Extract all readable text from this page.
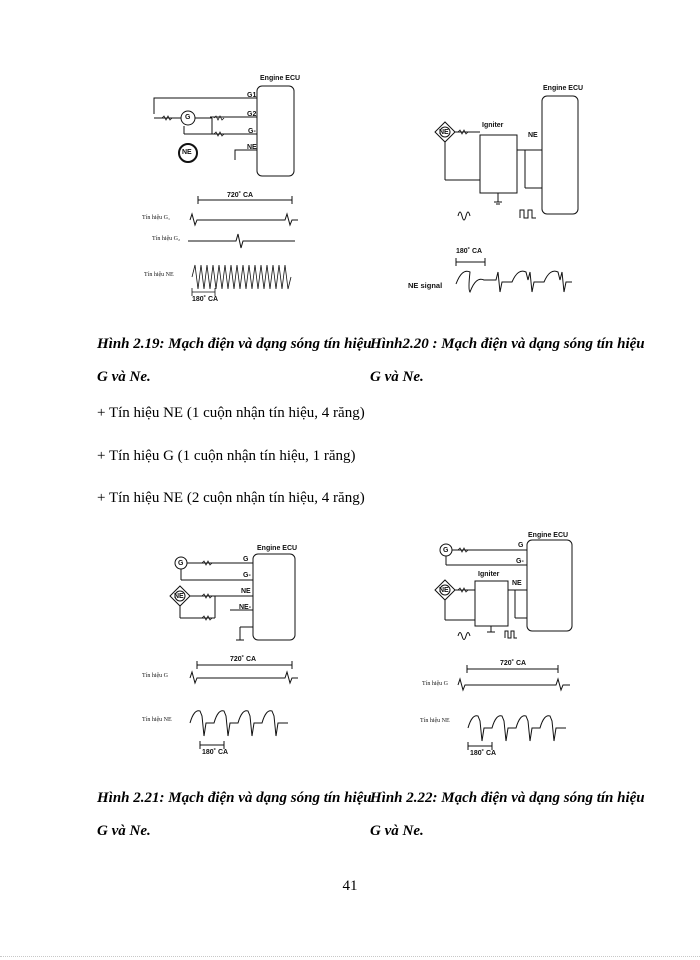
Engine ECU
G1
G2
G-
NE
G
NE
720˚ CA
Tín hiệu G₁
Tín hiệu G₂
Tín hiệu NE
180˚ CA
Engine ECU
Igniter
NE
NE
180˚ CA
NE signal
Hình 2.19: Mạch điện và dạng sóng tín hiệu G và Ne.
Hình2.20 : Mạch điện và dạng sóng tín hiệu G và Ne.
+ Tín hiệu NE (1 cuộn nhận tín hiệu, 4 răng)
+ Tín hiệu G (1 cuộn nhận tín hiệu, 1 răng)
+ Tín hiệu NE (2 cuộn nhận tín hiệu, 4 răng)
Engine ECU
G
G-
NE
NE-
G
NE
720˚ CA
Tín hiệu G
Tín hiệu NE
180˚ CA
Engine ECU
Igniter
G
G-
NE
G
NE
720˚ CA
Tín hiệu G
Tín hiệu NE
180˚ CA
Hình 2.21: Mạch điện và dạng sóng tín hiệu G và Ne.
Hình 2.22: Mạch điện và dạng sóng tín hiệu G và Ne.
41
